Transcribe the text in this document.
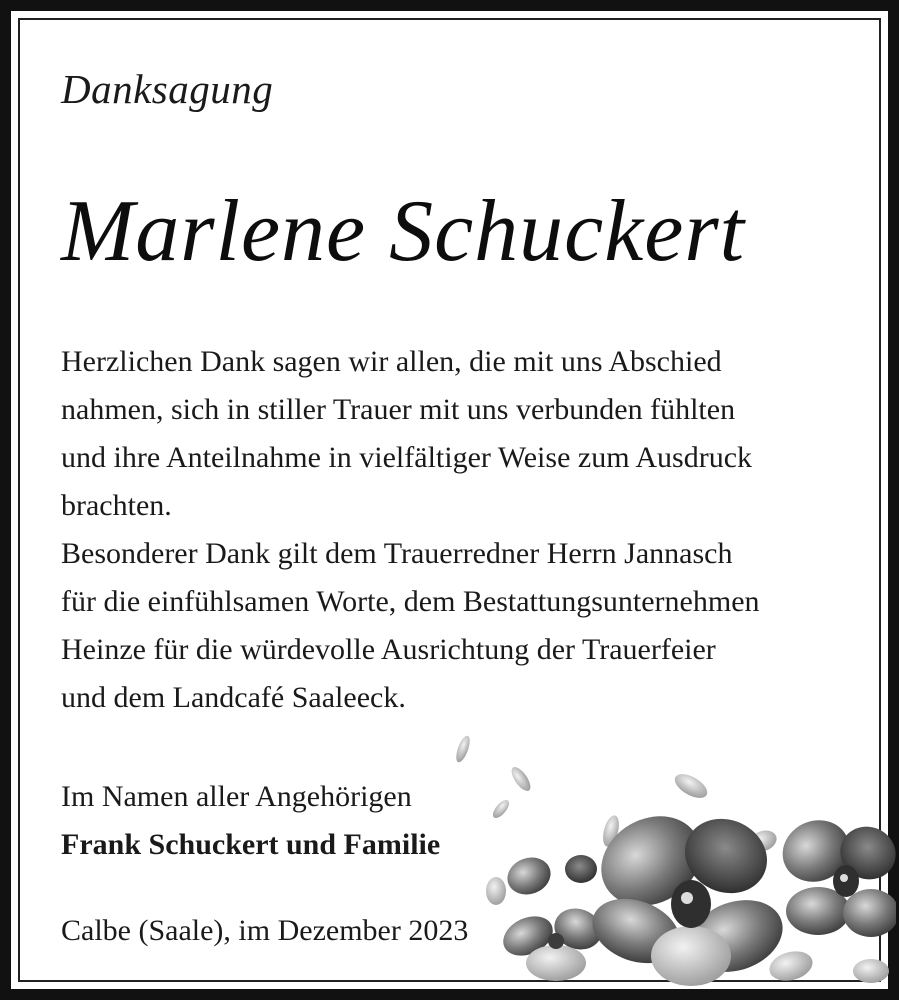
Danksagung
Marlene Schuckert

Herzlichen Dank sagen wir allen, die mit uns Abschied

nahmen, sich in stiller Trauer mit uns verbunden fühlten

und ihre Anteilnahme in vielfältiger Weise zum Ausdruck

brachten.

Besonderer Dank gilt dem Trauerredner Herrn Jannasch

für die einfühlsamen Worte, dem Bestattungsunternehmen

Heinze für die würdevolle Ausrichtung der Trauerfeier

und dem Landcafé Saaleeck.

Im Namen aller Angehörigen

Frank Schuckert und Familie

Calbe (Saale), im Dezember 2023
